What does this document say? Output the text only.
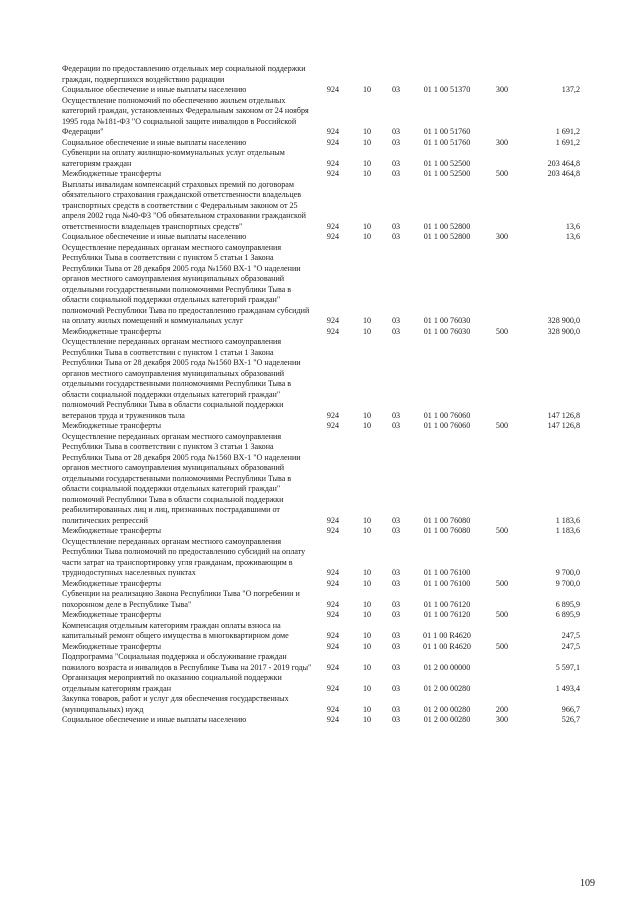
Федерации по предоставлению отдельных мер социальной поддержки граждан, подвергшихся воздействию радиации						
Социальное обеспечение и иные выплаты населению	924	10	03	01 1 00 51370	300	137,2
Осуществление полномочий по обеспечению жильем отдельных категорий граждан, установленных Федеральным законом от 24 ноября 1995 года №181-ФЗ "О социальной защите инвалидов в Российской Федерации"	924	10	03	01 1 00 51760		1 691,2
Социальное обеспечение и иные выплаты населению	924	10	03	01 1 00 51760	300	1 691,2
Субвенции на оплату жилищно-коммунальных услуг отдельным категориям граждан	924	10	03	01 1 00 52500		203 464,8
Межбюджетные трансферты	924	10	03	01 1 00 52500	500	203 464,8
Выплаты инвалидам компенсаций страховых премий по договорам обязательного страхования гражданской ответственности владельцев транспортных средств в соответствии с Федеральным законом от 25 апреля 2002 года №40-ФЗ "Об обязательном страховании гражданской ответственности владельцев транспортных средств"	924	10	03	01 1 00 52800		13,6
Социальное обеспечение и иные выплаты населению	924	10	03	01 1 00 52800	300	13,6
Осуществление переданных органам местного самоуправления Республики Тыва в соответствии с пунктом 5 статьи 1 Закона Республики Тыва от 28 декабря 2005 года №1560 ВХ-1 "О наделении органов местного самоуправления муниципальных образований отдельными государственными полномочиями Республики Тыва в области социальной поддержки отдельных категорий граждан" полномочий Республики Тыва по предоставлению гражданам субсидий на оплату жилых помещений и коммунальных услуг	924	10	03	01 1 00 76030		328 900,0
Межбюджетные трансферты	924	10	03	01 1 00 76030	500	328 900,0
Осуществление переданных органам местного самоуправления Республики Тыва в соответствии с пунктом 1 статьи 1 Закона Республики Тыва от 28 декабря 2005 года №1560 ВХ-1 "О наделении органов местного самоуправления муниципальных образований отдельными государственными полномочиями Республики Тыва в области социальной поддержки отдельных категорий граждан" полномочий Республики Тыва в области социальной поддержки ветеранов труда и тружеников тыла	924	10	03	01 1 00 76060		147 126,8
Межбюджетные трансферты	924	10	03	01 1 00 76060	500	147 126,8
Осуществление переданных органам местного самоуправления Республики Тыва в соответствии с пунктом 3 статьи 1 Закона Республики Тыва от 28 декабря 2005 года №1560 ВХ-1 "О наделении органов местного самоуправления муниципальных образований отдельными государственными полномочиями Республики Тыва в области социальной поддержки отдельных категорий граждан" полномочий Республики Тыва в области социальной поддержки реабилитированных лиц и лиц, признанных пострадавшими от политических репрессий	924	10	03	01 1 00 76080		1 183,6
Межбюджетные трансферты	924	10	03	01 1 00 76080	500	1 183,6
Осуществление переданных органам местного самоуправления Республики Тыва полномочий по предоставлению субсидий на оплату части затрат на транспортировку угля гражданам, проживающим в труднодоступных населенных пунктах	924	10	03	01 1 00 76100		9 700,0
Межбюджетные трансферты	924	10	03	01 1 00 76100	500	9 700,0
Субвенции на реализацию Закона Республики Тыва "О погребении и похоронном деле в Республике Тыва"	924	10	03	01 1 00 76120		6 895,9
Межбюджетные трансферты	924	10	03	01 1 00 76120	500	6 895,9
Компенсация отдельным категориям граждан оплаты взноса на капитальный ремонт общего имущества в многоквартирном доме	924	10	03	01 1 00 R4620		247,5
Межбюджетные трансферты	924	10	03	01 1 00 R4620	500	247,5
Подпрограмма "Социальная поддержка и обслуживание граждан пожилого возраста и инвалидов в Республике Тыва на 2017 - 2019 годы"	924	10	03	01 2 00 00000		5 597,1
Организация мероприятий по оказанию социальной поддержки отдельным категориям граждан	924	10	03	01 2 00 00280		1 493,4
Закупка товаров, работ и услуг для обеспечения государственных (муниципальных) нужд	924	10	03	01 2 00 00280	200	966,7
Социальное обеспечение и иные выплаты населению	924	10	03	01 2 00 00280	300	526,7
109
